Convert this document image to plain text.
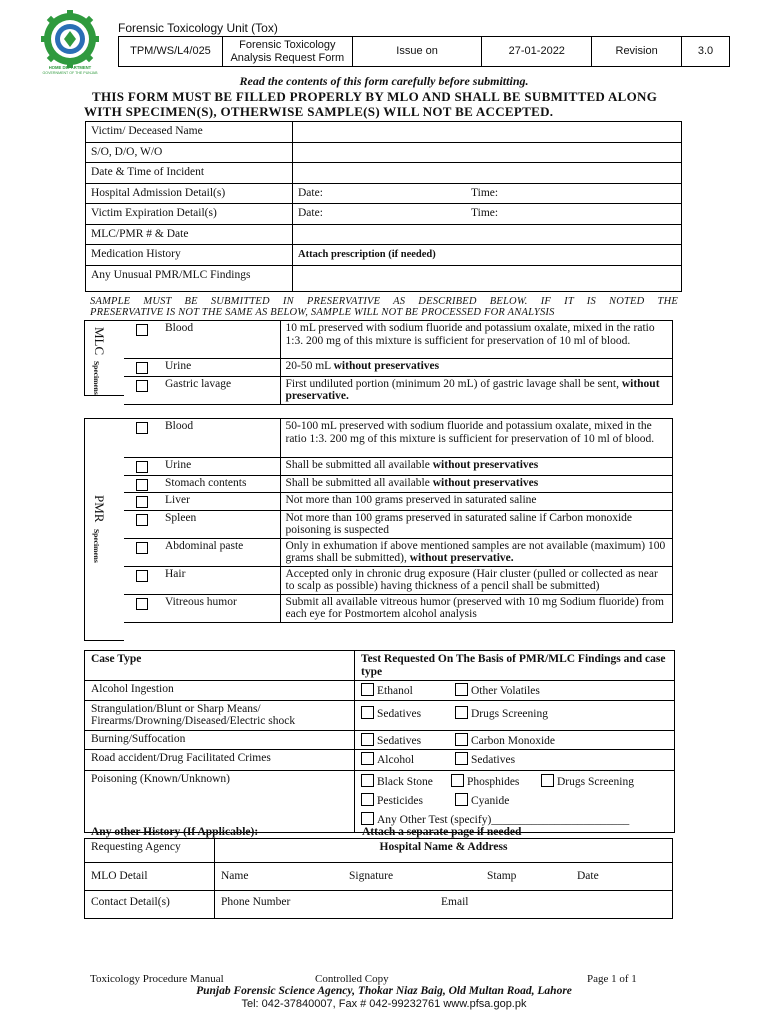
HOME DEPARTMENT
GOVERNMENT OF THE PUNJAB
Forensic Toxicology Unit (Tox)
TPM/WS/L4/025	
Forensic Toxicology
Analysis Request Form
	Issue on	27-01-2022	Revision	3.0
Read the contents of this form carefully before submitting.
THIS FORM MUST BE FILLED PROPERLY BY MLO AND SHALL BE SUBMITTED ALONG
WITH SPECIMEN(S), OTHERWISE SAMPLE(S) WILL NOT BE ACCEPTED.
Victim/ Deceased Name	
S/O, D/O, W/O	
Date & Time of Incident	
Hospital Admission Detail(s)	Date: Time:

Victim Expiration Detail(s)	Date: Time:

MLC/PMR # & Date	
Medication History	Attach prescription (if needed)
Any Unusual PMR/MLC Findings	
SAMPLE MUST BE SUBMITTED IN PRESERVATIVE AS DESCRIBED BELOW. IF IT IS NOTED THE
PRESERVATIVE IS NOT THE SAME AS BELOW, SAMPLE WILL NOT BE PROCESSED FOR ANALYSIS
MLC
Specimens
	Blood	10 mL preserved with sodium fluoride and potassium oxalate, mixed in the ratio 1:3. 200 mg of this mixture is sufficient for preservation of 10 ml of blood.
	Urine	20-50 mL without preservatives
	Gastric lavage	First undiluted portion (minimum 20 mL) of gastric lavage shall be sent, without preservative.
PMR
Specimens
	Blood	50-100 mL preserved with sodium fluoride and potassium oxalate, mixed in the ratio 1:3. 200 mg of this mixture is sufficient for preservation of 10 ml of blood.
	Urine	Shall be submitted all available without preservatives
	Stomach contents	Shall be submitted all available without preservatives
	Liver	Not more than 100 grams preserved in saturated saline
	Spleen	Not more than 100 grams preserved in saturated saline if Carbon monoxide poisoning is suspected
	Abdominal paste	Only in exhumation if above mentioned samples are not available (maximum) 100 grams shall be submitted), without preservative.
	Hair	Accepted only in chronic drug exposure (Hair cluster (pulled or collected as near to scalp as possible) having thickness of a pencil shall be submitted)
	Vitreous humor	Submit all available vitreous humor (preserved with 10 mg Sodium fluoride) from each eye for Postmortem alcohol analysis
Case Type	Test Requested On The Basis of PMR/MLC Findings and case type
Alcohol Ingestion	Ethanol Other Volatiles
Strangulation/Blunt or Sharp Means/ Firearms/Drowning/Diseased/Electric shock	Sedatives Drugs Screening
Burning/Suffocation	Sedatives Carbon Monoxide
Road accident/Drug Facilitated Crimes	Alcohol Sedatives
Poisoning (Known/Unknown)	Black Stone Phosphides Drugs Screening
Pesticides Cyanide
Any Other Test (specify)________________________
Any other History (If Applicable):	Attach a separate page if needed
Requesting Agency	Hospital Name & Address
MLO Detail	Name Signature Stamp Date

Contact Detail(s)	Phone Number Email
Toxicology Procedure Manual	Controlled Copy	Page 1 of 1
Punjab Forensic Science Agency, Thokar Niaz Baig, Old Multan Road, Lahore
Tel: 042-37840007, Fax # 042-99232761 www.pfsa.gop.pk
